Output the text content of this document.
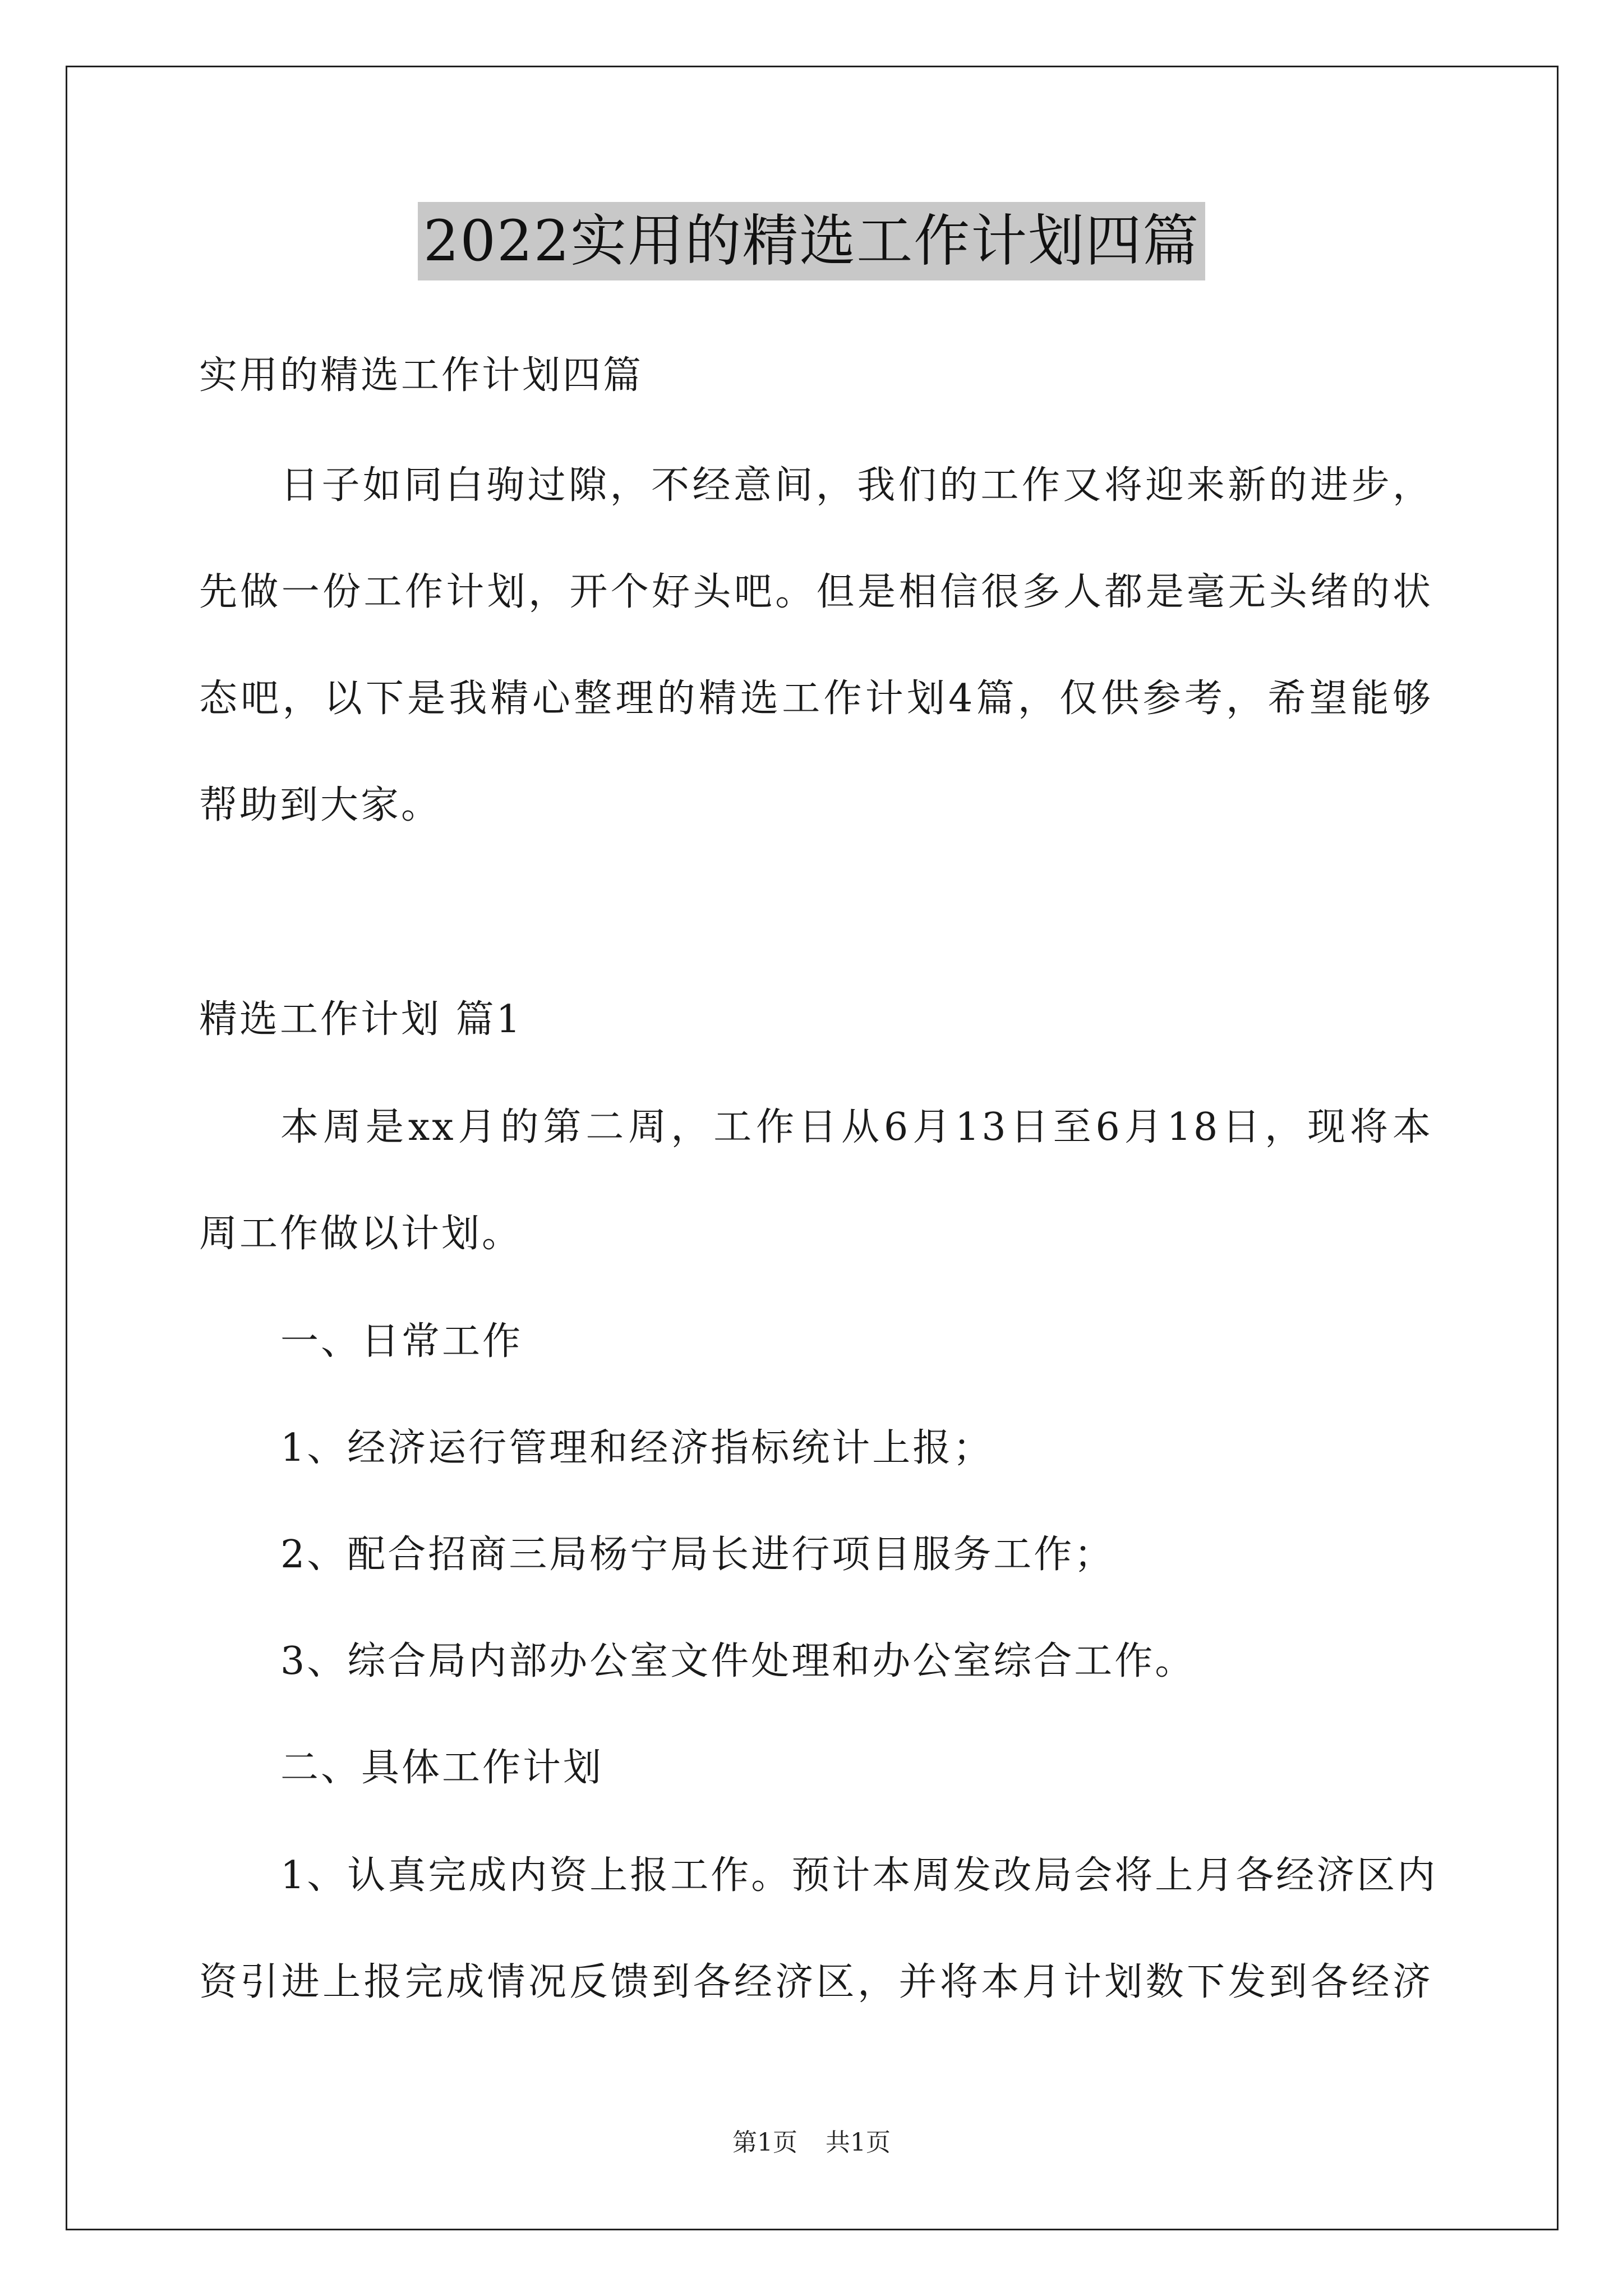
2022实用的精选工作计划四篇
实用的精选工作计划四篇
日子如同白驹过隙，不经意间，我们的工作又将迎来新的进步，
先做一份工作计划，开个好头吧。但是相信很多人都是毫无头绪的状
态吧，以下是我精心整理的精选工作计划4篇，仅供参考，希望能够
帮助到大家。
精选工作计划 篇1
本周是xx月的第二周，工作日从6月13日至6月18日，现将本
周工作做以计划。
一、日常工作
1、经济运行管理和经济指标统计上报；
2、配合招商三局杨宁局长进行项目服务工作；
3、综合局内部办公室文件处理和办公室综合工作。
二、具体工作计划
1、认真完成内资上报工作。预计本周发改局会将上月各经济区内
资引进上报完成情况反馈到各经济区，并将本月计划数下发到各经济
第1页 共1页
